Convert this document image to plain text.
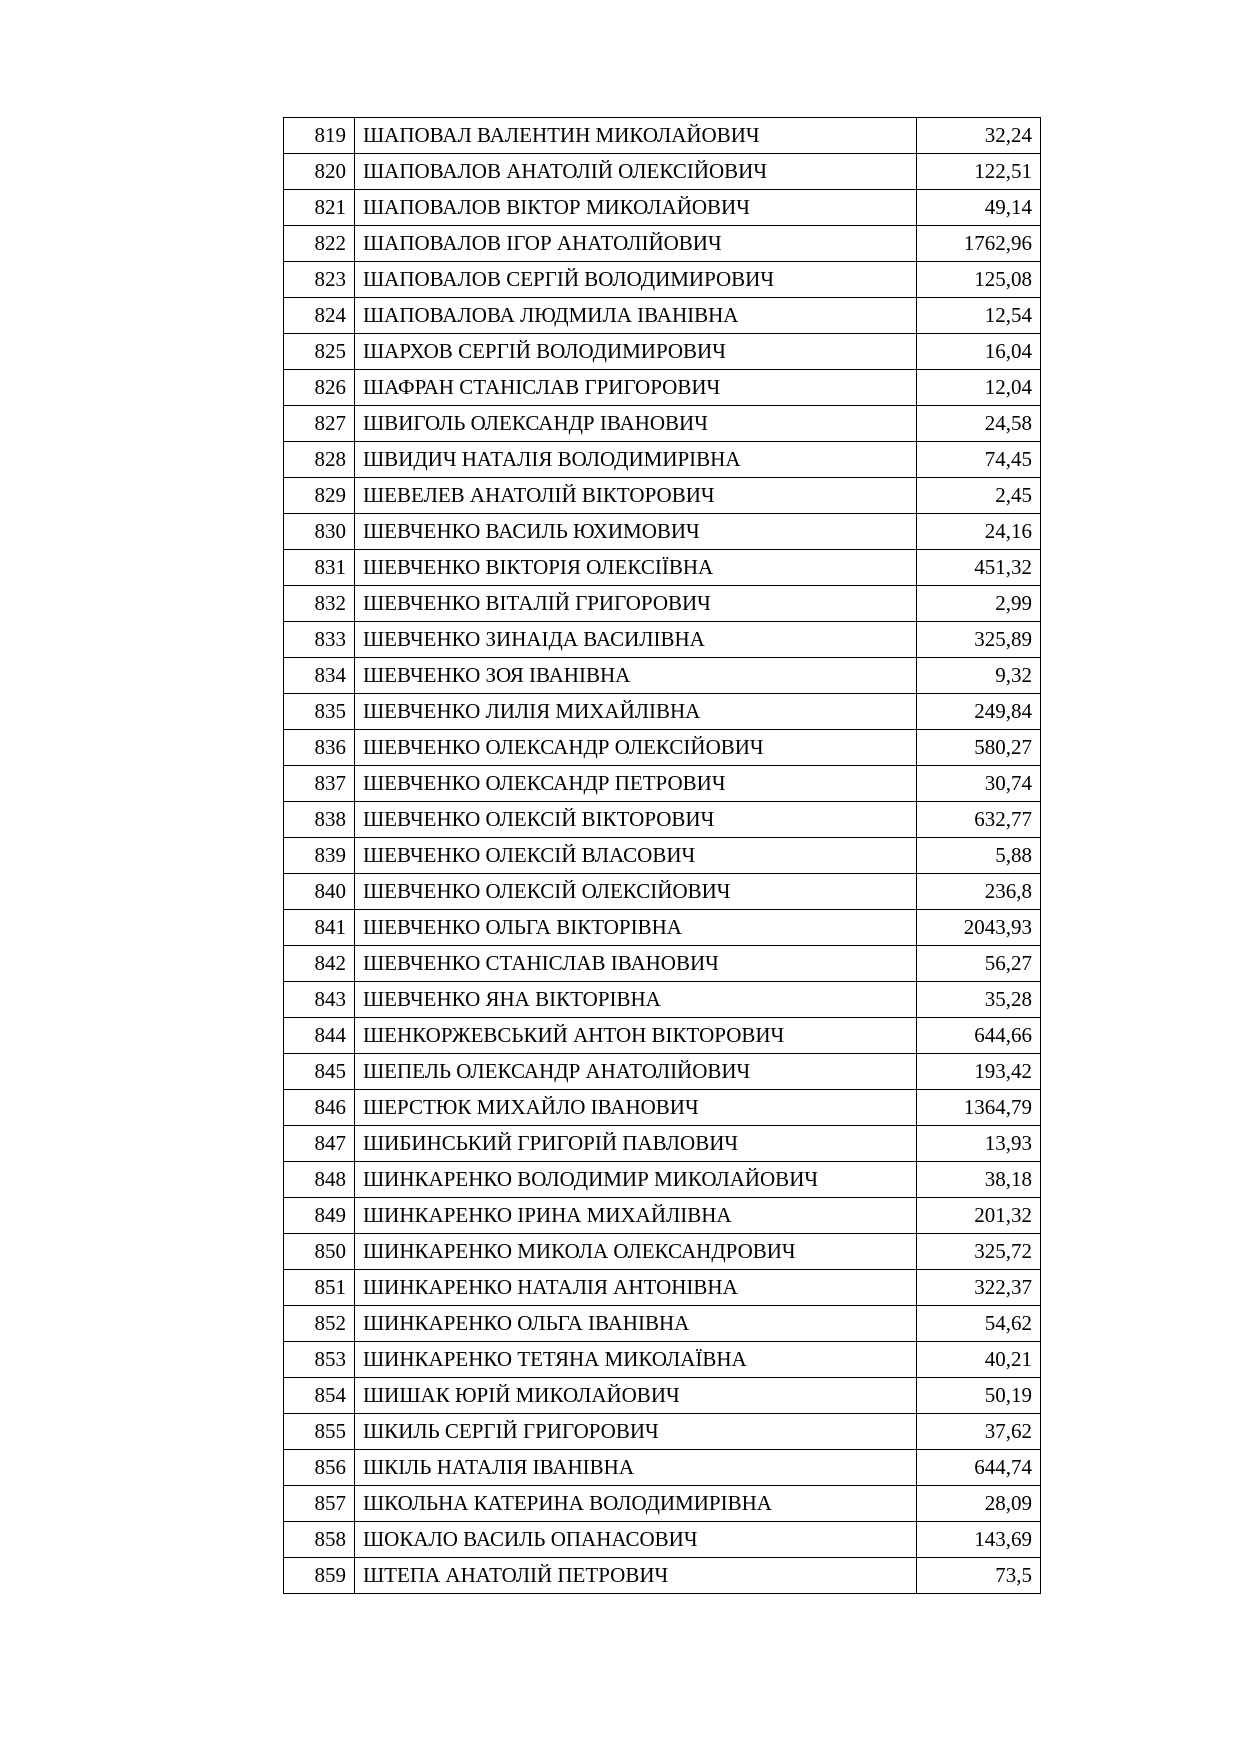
819	ШАПОВАЛ ВАЛЕНТИН МИКОЛАЙОВИЧ	32,24
820	ШАПОВАЛОВ АНАТОЛІЙ ОЛЕКСІЙОВИЧ	122,51
821	ШАПОВАЛОВ ВІКТОР МИКОЛАЙОВИЧ	49,14
822	ШАПОВАЛОВ ІГОР АНАТОЛІЙОВИЧ	1762,96
823	ШАПОВАЛОВ СЕРГІЙ ВОЛОДИМИРОВИЧ	125,08
824	ШАПОВАЛОВА ЛЮДМИЛА ІВАНІВНА	12,54
825	ШАРХОВ СЕРГІЙ ВОЛОДИМИРОВИЧ	16,04
826	ШАФРАН СТАНІСЛАВ ГРИГОРОВИЧ	12,04
827	ШВИГОЛЬ ОЛЕКСАНДР ІВАНОВИЧ	24,58
828	ШВИДИЧ НАТАЛІЯ ВОЛОДИМИРІВНА	74,45
829	ШЕВЕЛЕВ АНАТОЛІЙ ВІКТОРОВИЧ	2,45
830	ШЕВЧЕНКО ВАСИЛЬ ЮХИМОВИЧ	24,16
831	ШЕВЧЕНКО ВІКТОРІЯ ОЛЕКСІЇВНА	451,32
832	ШЕВЧЕНКО ВІТАЛІЙ ГРИГОРОВИЧ	2,99
833	ШЕВЧЕНКО ЗИНАІДА ВАСИЛІВНА	325,89
834	ШЕВЧЕНКО ЗОЯ ІВАНІВНА	9,32
835	ШЕВЧЕНКО ЛИЛІЯ МИХАЙЛІВНА	249,84
836	ШЕВЧЕНКО ОЛЕКСАНДР ОЛЕКСІЙОВИЧ	580,27
837	ШЕВЧЕНКО ОЛЕКСАНДР ПЕТРОВИЧ	30,74
838	ШЕВЧЕНКО ОЛЕКСІЙ ВІКТОРОВИЧ	632,77
839	ШЕВЧЕНКО ОЛЕКСІЙ ВЛАСОВИЧ	5,88
840	ШЕВЧЕНКО ОЛЕКСІЙ ОЛЕКСІЙОВИЧ	236,8
841	ШЕВЧЕНКО ОЛЬГА ВІКТОРІВНА	2043,93
842	ШЕВЧЕНКО СТАНІСЛАВ ІВАНОВИЧ	56,27
843	ШЕВЧЕНКО ЯНА ВІКТОРІВНА	35,28
844	ШЕНКОРЖЕВСЬКИЙ АНТОН ВІКТОРОВИЧ	644,66
845	ШЕПЕЛЬ ОЛЕКСАНДР АНАТОЛІЙОВИЧ	193,42
846	ШЕРСТЮК МИХАЙЛО ІВАНОВИЧ	1364,79
847	ШИБИНСЬКИЙ ГРИГОРІЙ ПАВЛОВИЧ	13,93
848	ШИНКАРЕНКО ВОЛОДИМИР МИКОЛАЙОВИЧ	38,18
849	ШИНКАРЕНКО ІРИНА МИХАЙЛІВНА	201,32
850	ШИНКАРЕНКО МИКОЛА ОЛЕКСАНДРОВИЧ	325,72
851	ШИНКАРЕНКО НАТАЛІЯ АНТОНІВНА	322,37
852	ШИНКАРЕНКО ОЛЬГА ІВАНІВНА	54,62
853	ШИНКАРЕНКО ТЕТЯНА МИКОЛАЇВНА	40,21
854	ШИШАК ЮРІЙ МИКОЛАЙОВИЧ	50,19
855	ШКИЛЬ СЕРГІЙ ГРИГОРОВИЧ	37,62
856	ШКІЛЬ НАТАЛІЯ ІВАНІВНА	644,74
857	ШКОЛЬНА КАТЕРИНА ВОЛОДИМИРІВНА	28,09
858	ШОКАЛО ВАСИЛЬ ОПАНАСОВИЧ	143,69
859	ШТЕПА АНАТОЛІЙ ПЕТРОВИЧ	73,5
